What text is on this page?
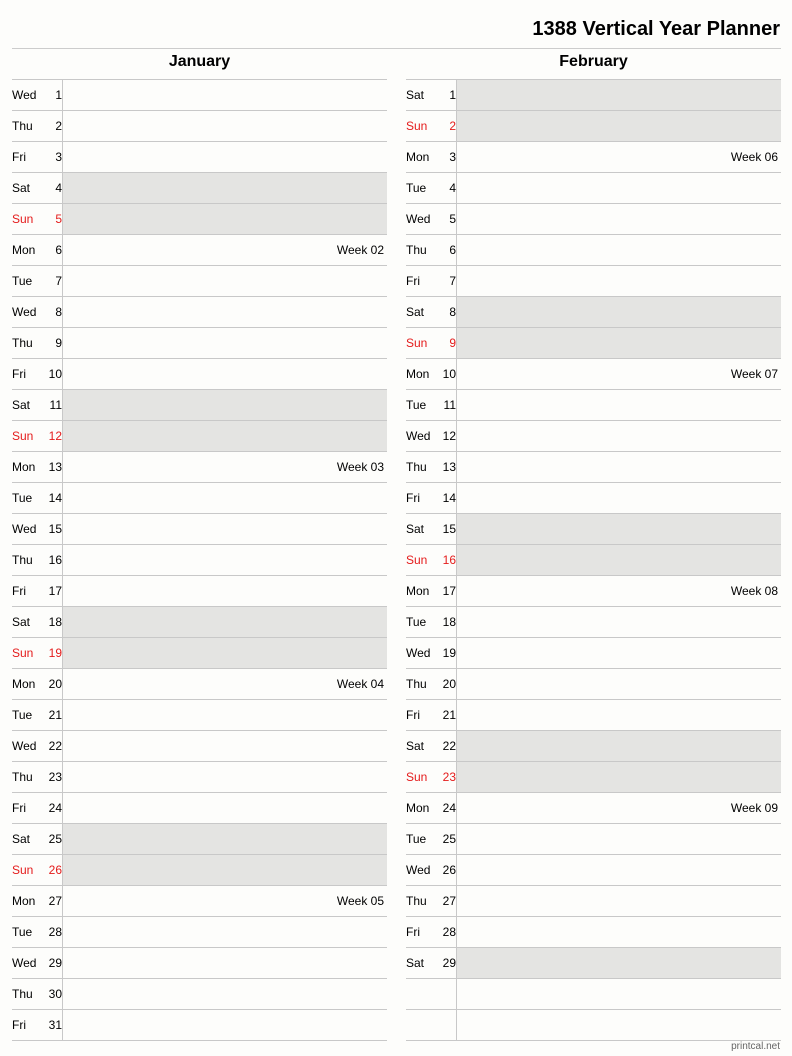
1388 Vertical Year Planner
January
Wed 1
Thu 2
Fri 3
Sat 4
Sun 5
Mon 6	Week 02
Tue 7
Wed 8
Thu 9
Fri 10
Sat 11
Sun 12
Mon 13	Week 03
Tue 14
Wed 15
Thu 16
Fri 17
Sat 18
Sun 19
Mon 20	Week 04
Tue 21
Wed 22
Thu 23
Fri 24
Sat 25
Sun 26
Mon 27	Week 05
Tue 28
Wed 29
Thu 30
Fri 31
February
Sat 1
Sun 2
Mon 3	Week 06
Tue 4
Wed 5
Thu 6
Fri 7
Sat 8
Sun 9
Mon 10	Week 07
Tue 11
Wed 12
Thu 13
Fri 14
Sat 15
Sun 16
Mon 17	Week 08
Tue 18
Wed 19
Thu 20
Fri 21
Sat 22
Sun 23
Mon 24	Week 09
Tue 25
Wed 26
Thu 27
Fri 28
Sat 29
printcal.net
